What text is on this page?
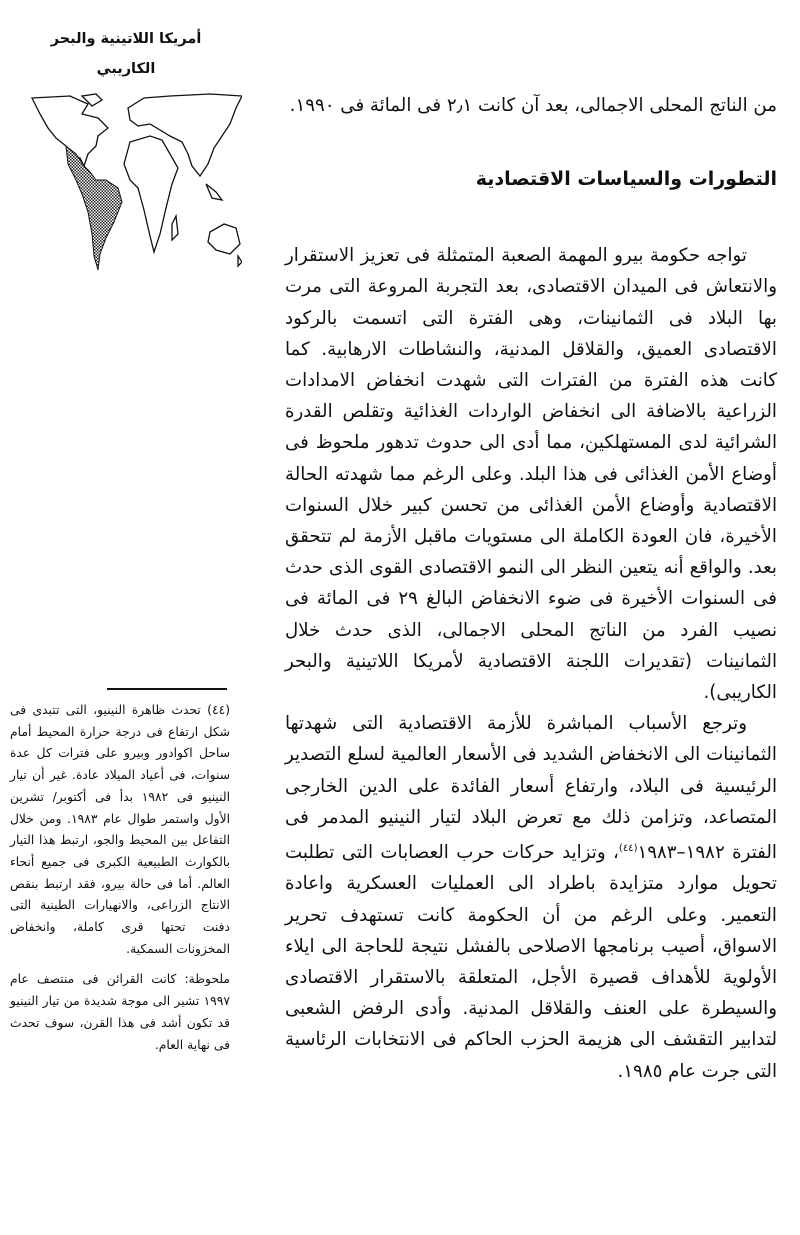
أمريكا اللاتينية والبحر
الكاريبي

(٤٤) تحدث ظاهرة النينيو، التى تتبدى فى شكل ارتفاع فى درجة حرارة المحيط أمام ساحل اكوادور وبيرو على فترات كل عدة سنوات، فى أعياد الميلاد عادة. غير أن تيار النينيو فى ١٩٨٢ بدأ فى أكتوبر/ تشرين الأول واستمر طوال عام ١٩٨٣. ومن خلال التفاعل بين المحيط والجو، ارتبط هذا التيار بالكوارث الطبيعية الكبرى فى جميع أنحاء العالم. أما فى حالة بيرو، فقد ارتبط بنقص الانتاج الزراعى، والانهيارات الطينية التى دفنت تحتها قرى كاملة، وانخفاض المخزونات السمكية.

ملحوظة: كانت القرائن فى منتصف عام ١٩٩٧ تشير الى موجة شديدة من تيار النينيو قد تكون أشد فى هذا القرن، سوف تحدث فى نهاية العام.

من الناتج المحلى الاجمالى، بعد آن كانت ٢٫١ فى المائة فى ١٩٩٠.

التطورات والسياسات الاقتصادية

تواجه حكومة بيرو المهمة الصعبة المتمثلة فى تعزيز الاستقرار والانتعاش فى الميدان الاقتصادى، بعد التجربة المروعة التى مرت بها البلاد فى الثمانينات، وهى الفترة التى اتسمت بالركود الاقتصادى العميق، والقلاقل المدنية، والنشاطات الارهابية. كما كانت هذه الفترة من الفترات التى شهدت انخفاض الامدادات الزراعية بالاضافة الى انخفاض الواردات الغذائية وتقلص القدرة الشرائية لدى المستهلكين، مما أدى الى حدوث تدهور ملحوظ فى أوضاع الأمن الغذائى فى هذا البلد. وعلى الرغم مما شهدته الحالة الاقتصادية وأوضاع الأمن الغذائى من تحسن كبير خلال السنوات الأخيرة، فان العودة الكاملة الى مستويات ماقبل الأزمة لم تتحقق بعد. والواقع أنه يتعين النظر الى النمو الاقتصادى القوى الذى حدث فى السنوات الأخيرة فى ضوء الانخفاض البالغ ٢٩ فى المائة فى نصيب الفرد من الناتج المحلى الاجمالى، الذى حدث خلال الثمانينات (تقديرات اللجنة الاقتصادية لأمريكا اللاتينية والبحر الكاريبى).

وترجع الأسباب المباشرة للأزمة الاقتصادية التى شهدتها الثمانينات الى الانخفاض الشديد فى الأسعار العالمية لسلع التصدير الرئيسية فى البلاد، وارتفاع أسعار الفائدة على الدين الخارجى المتصاعد، وتزامن ذلك مع تعرض البلاد لتيار النينيو المدمر فى الفترة ١٩٨٢–١٩٨٣$^{(٤٤)}$، وتزايد حركات حرب العصابات التى تطلبت تحويل موارد متزايدة باطراد الى العمليات العسكرية واعادة التعمير. وعلى الرغم من أن الحكومة كانت تستهدف تحرير الاسواق، أصيب برنامجها الاصلاحى بالفشل نتيجة للحاجة الى ايلاء الأولوية للأهداف قصيرة الأجل، المتعلقة بالاستقرار الاقتصادى والسيطرة على العنف والقلاقل المدنية. وأدى الرفض الشعبى لتدابير التقشف الى هزيمة الحزب الحاكم فى الانتخابات الرئاسية التى جرت عام ١٩٨٥.
